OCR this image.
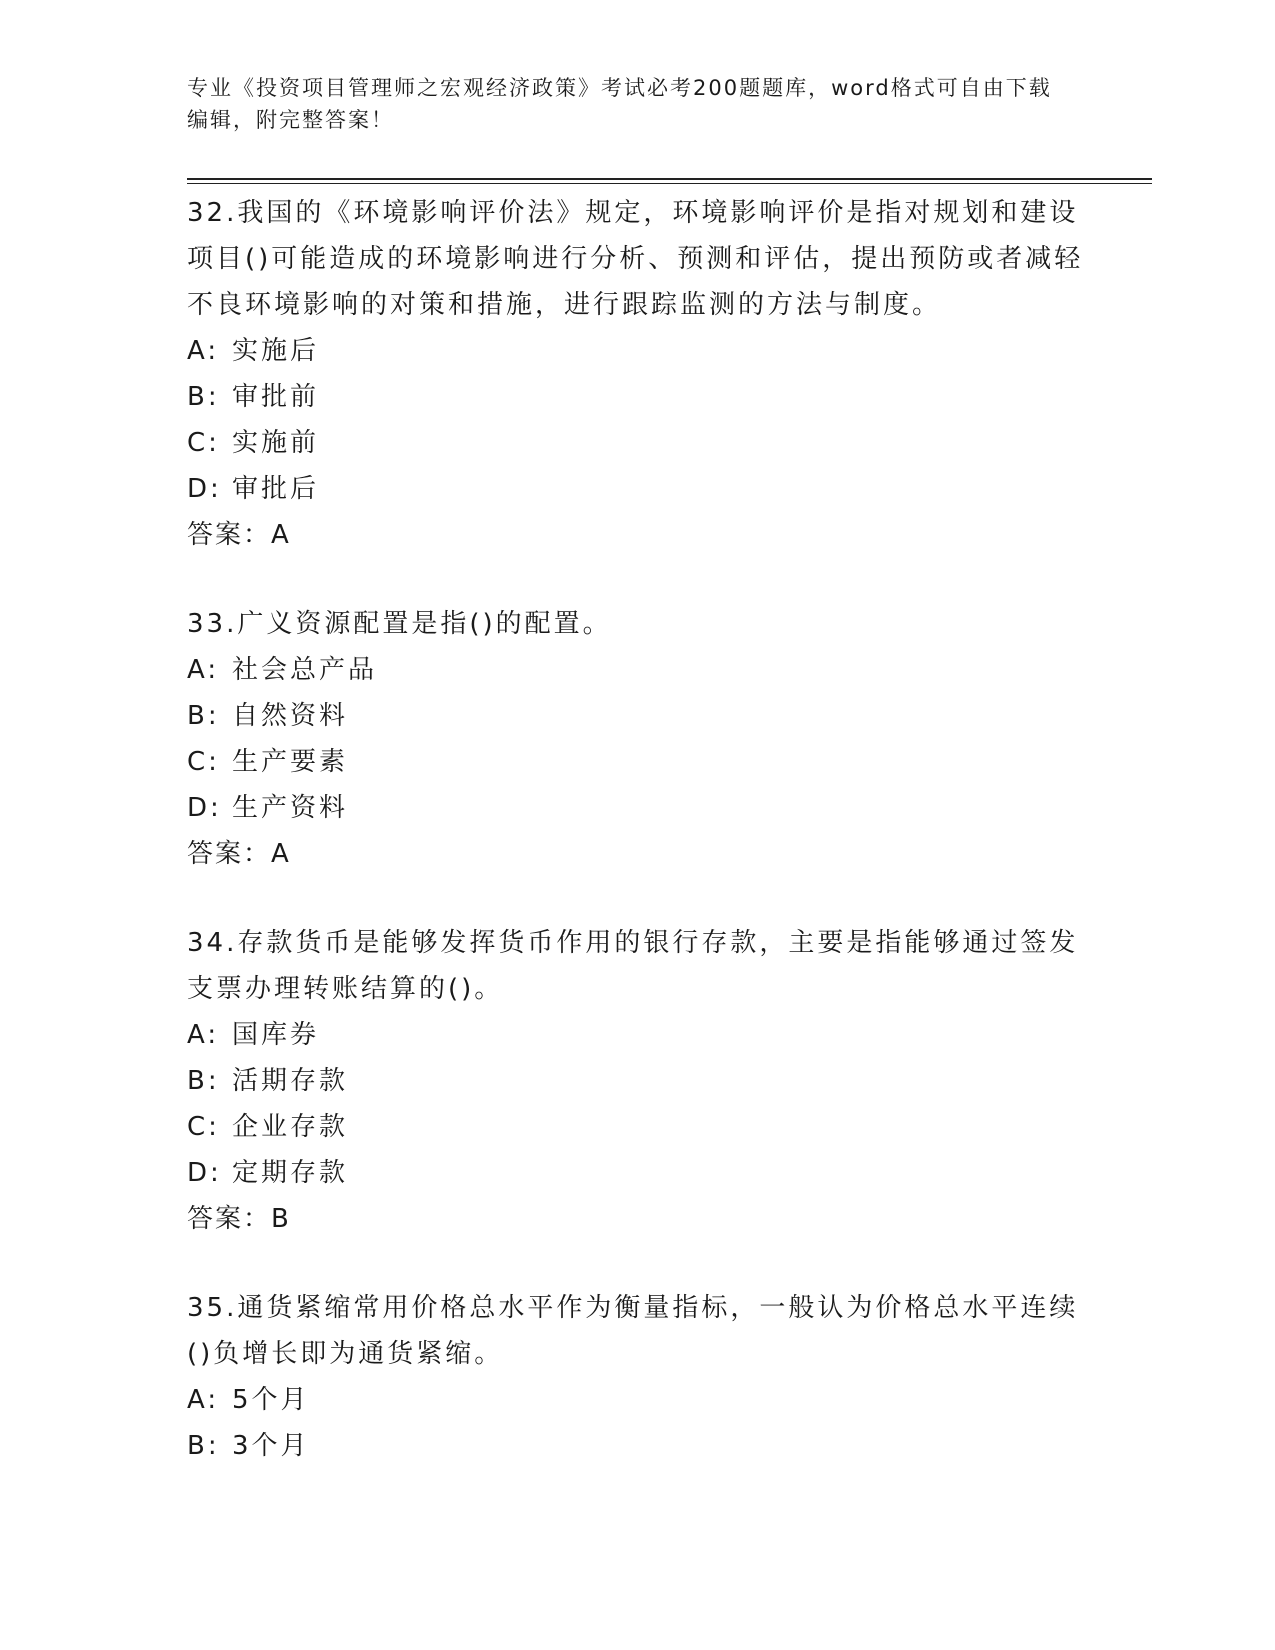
专业《投资项目管理师之宏观经济政策》考试必考200题题库，word格式可自由下载编辑，附完整答案！
32.我国的《环境影响评价法》规定，环境影响评价是指对规划和建设项目()可能造成的环境影响进行分析、预测和评估，提出预防或者减轻不良环境影响的对策和措施，进行跟踪监测的方法与制度。
A: 实施后
B: 审批前
C: 实施前
D: 审批后
答案：A
33.广义资源配置是指()的配置。
A: 社会总产品
B: 自然资料
C: 生产要素
D: 生产资料
答案：A
34.存款货币是能够发挥货币作用的银行存款，主要是指能够通过签发支票办理转账结算的()。
A: 国库券
B: 活期存款
C: 企业存款
D: 定期存款
答案：B
35.通货紧缩常用价格总水平作为衡量指标，一般认为价格总水平连续()负增长即为通货紧缩。
A: 5个月
B: 3个月
